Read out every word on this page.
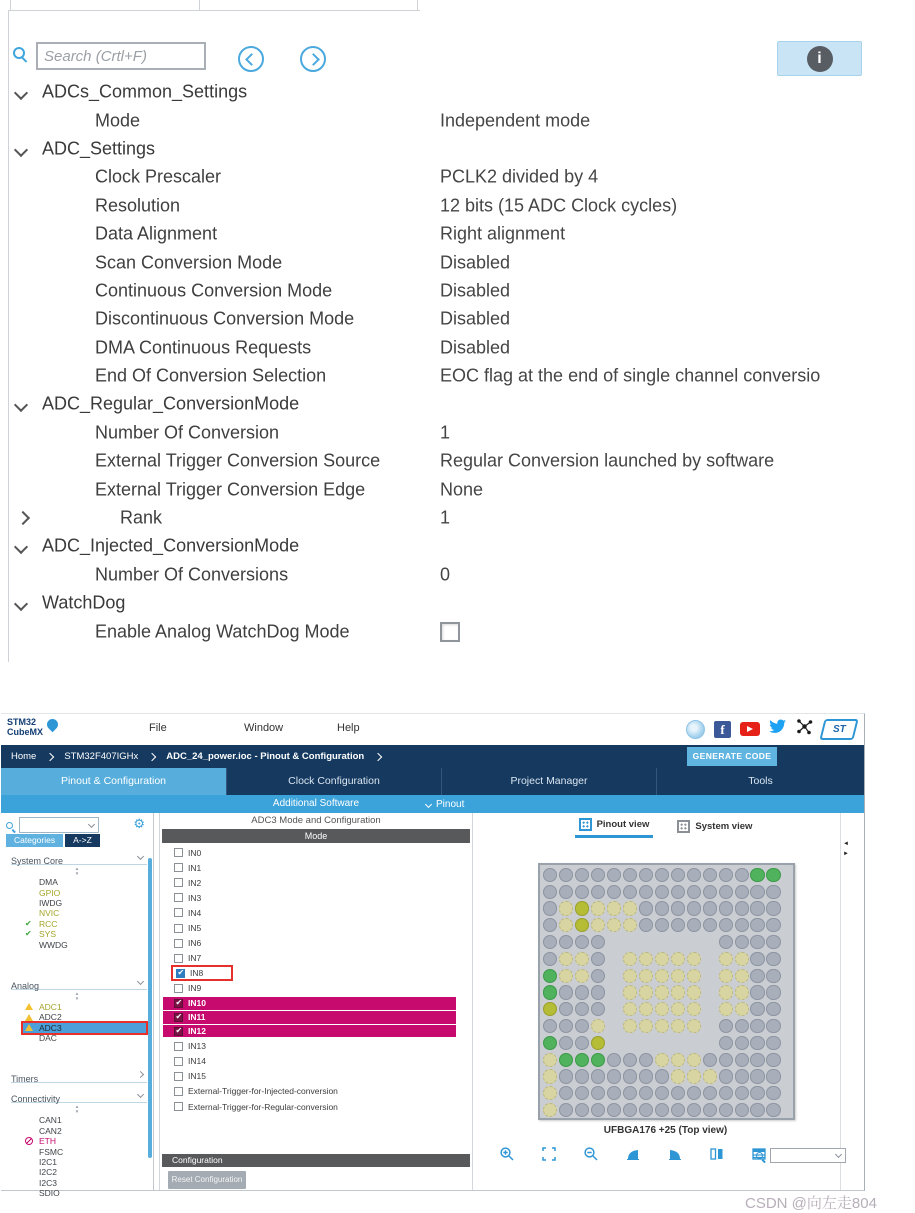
Search (Crtl+F)
i
ADCs_Common_Settings
Mode	Independent mode
ADC_Settings
Clock Prescaler	PCLK2 divided by 4
Resolution	12 bits (15 ADC Clock cycles)
Data Alignment	Right alignment
Scan Conversion Mode	Disabled
Continuous Conversion Mode	Disabled
Discontinuous Conversion Mode	Disabled
DMA Continuous Requests	Disabled
End Of Conversion Selection	EOC flag at the end of single channel conversio
ADC_Regular_ConversionMode
Number Of Conversion	1
External Trigger Conversion Source	Regular Conversion launched by software
External Trigger Conversion Edge	None
Rank	1
ADC_Injected_ConversionMode
Number Of Conversions	0
WatchDog
Enable Analog WatchDog Mode
STM32
CubeMX	File	Window	Help	f	ST
Home	STM32F407IGHx	ADC_24_power.ioc - Pinout & Configuration	GENERATE CODE
Pinout & Configuration	Clock Configuration	Project Manager	Tools
Additional Software	Pinout
⚙
Categories	A->Z
System Core
▲
▼
DMA
GPIO
IWDG
NVIC
✔ RCC
✔ SYS
WWDG
Analog
▲
▼
ADC1
ADC2
ADC3
DAC
Timers
Connectivity
▲
▼
CAN1
CAN2
ETH
FSMC
I2C1
I2C2
I2C3
SDIO
ADC3 Mode and Configuration
Mode
IN0
IN1
IN2
IN3
IN4
IN5
IN6
IN7
✔
IN8
IN9
✔
IN10
✔
IN11
✔
IN12
IN13
IN14
IN15
External-Trigger-for-Injected-conversion
External-Trigger-for-Regular-conversion
Configuration
Reset Configuration
Pinout view	System view
◄
►
UFBGA176 +25 (Top view)
CSDN @向左走804
